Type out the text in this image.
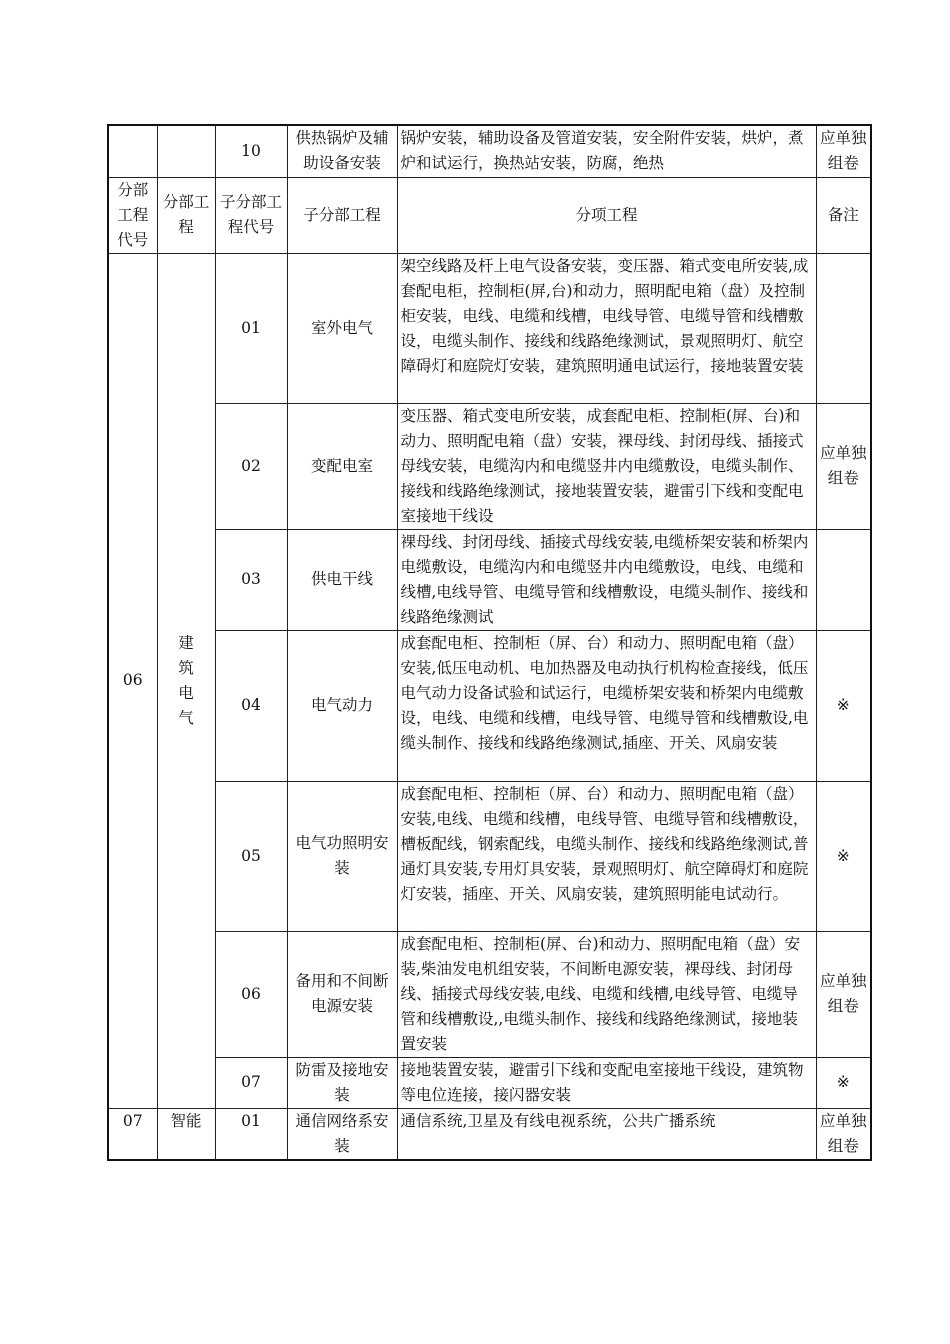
		10	供热锅炉及辅助设备安装	锅炉安装，辅助设备及管道安装，安全附件安装，烘炉，煮炉和试运行，换热站安装，防腐，绝热	应单独组卷
分部工程代号	分部工程	子分部工程代号	子分部工程	分项工程	备注
06	建
筑
电
气	01	室外电气	架空线路及杆上电气设备安装，变压器、箱式变电所安装,成套配电柜，控制柜(屏,台)和动力，照明配电箱（盘）及控制柜安装，电线、电缆和线槽，电线导管、电缆导管和线槽敷设，电缆头制作、接线和线路绝缘测试，景观照明灯、航空障碍灯和庭院灯安装，建筑照明通电试运行，接地装置安装	
		02	变配电室	变压器、箱式变电所安装，成套配电柜、控制柜(屏、台)和动力、照明配电箱（盘）安装，裸母线、封闭母线、插接式母线安装，电缆沟内和电缆竖井内电缆敷设，电缆头制作、接线和线路绝缘测试，接地装置安装，避雷引下线和变配电室接地干线设	应单独组卷
		03	供电干线	裸母线、封闭母线、插接式母线安装,电缆桥架安装和桥架内电缆敷设，电缆沟内和电缆竖井内电缆敷设，电线、电缆和线槽,电线导管、电缆导管和线槽敷设，电缆头制作、接线和线路绝缘测试	
		04	电气动力	成套配电柜、控制柜（屏、台）和动力、照明配电箱（盘）安装,低压电动机、电加热器及电动执行机构检查接线，低压电气动力设备试验和试运行，电缆桥架安装和桥架内电缆敷设，电线、电缆和线槽，电线导管、电缆导管和线槽敷设,电缆头制作、接线和线路绝缘测试,插座、开关、风扇安装	※
		05	电气功照明安装	成套配电柜、控制柜（屏、台）和动力、照明配电箱（盘）安装,电线、电缆和线槽，电线导管、电缆导管和线槽敷设，槽板配线，钢索配线，电缆头制作、接线和线路绝缘测试,普通灯具安装,专用灯具安装，景观照明灯、航空障碍灯和庭院灯安装，插座、开关、风扇安装，建筑照明能电试动行。	※
		06	备用和不间断电源安装	成套配电柜、控制柜(屏、台)和动力、照明配电箱（盘）安装,柴油发电机组安装，不间断电源安装，裸母线、封闭母线、插接式母线安装,电线、电缆和线槽,电线导管、电缆导管和线槽敷设,,电缆头制作、接线和线路绝缘测试，接地装置安装	应单独组卷
		07	防雷及接地安装	接地装置安装，避雷引下线和变配电室接地干线设，建筑物等电位连接，接闪器安装	※
07	智能	01	通信网络系安装	通信系统,卫星及有线电视系统，公共广播系统	应单独组卷
